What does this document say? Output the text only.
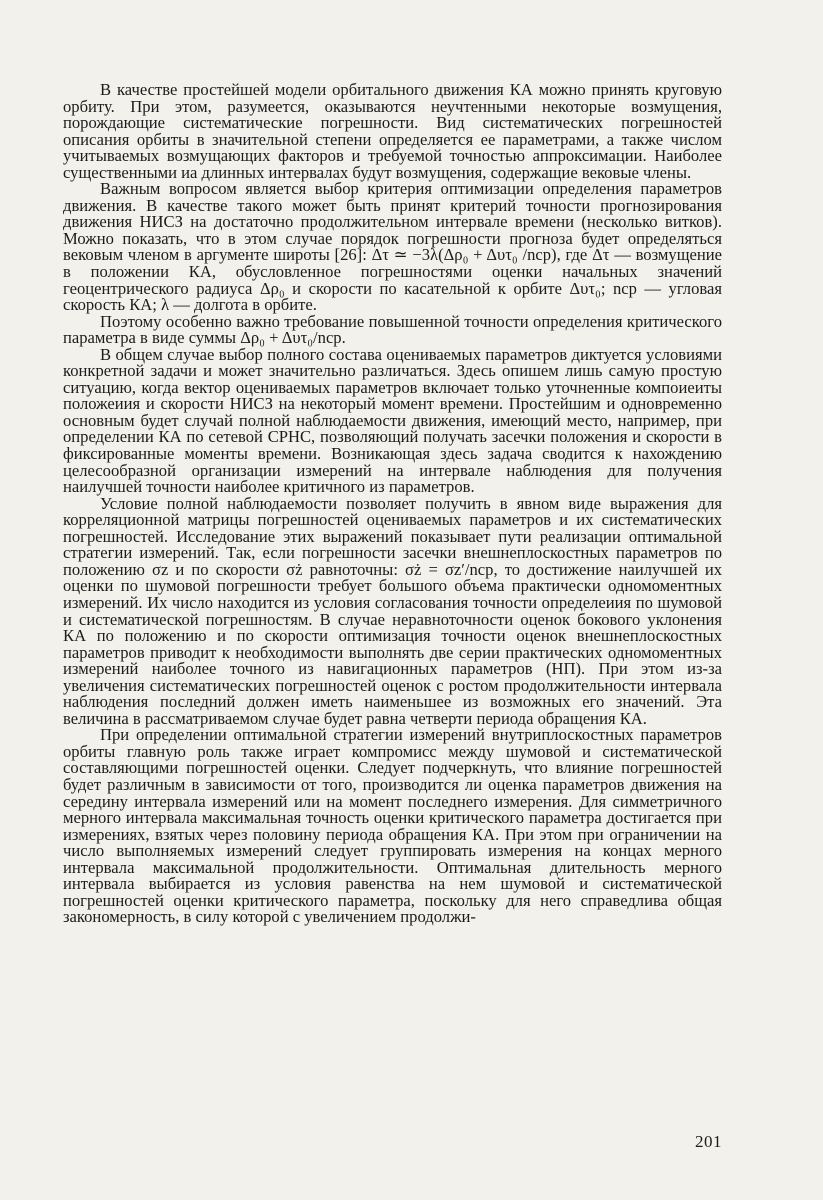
В качестве простейшей модели орбитального движения КА можно принять круговую орбиту. При этом, разумеется, оказываются неучтенными некоторые возмущения, порождающие систематические погрешности. Вид систематических погрешностей описания орбиты в значительной степени определяется ее параметрами, а также числом учитываемых возмущающих факторов и требуемой точностью аппроксимации. Наиболее существенными иа длинных интервалах будут возмущения, содержащие вековые члены.

Важным вопросом является выбор критерия оптимизации определения параметров движения. В качестве такого может быть принят критерий точности прогнозирования движения НИСЗ на достаточно продолжительном интервале времени (несколько витков). Можно показать, что в этом случае порядок погрешности прогноза будет определяться вековым членом в аргументе широты [26]: Δτ ≃ −3λ(Δρ₀ + Δυτ₀ /nср), где Δτ — возмущение в положении КА, обусловленное погрешностями оценки начальных значений геоцентрического радиуса Δρ₀ и скорости по касательной к орбите Δυτ₀; nср — угловая скорость КА; λ — долгота в орбите.

Поэтому особенно важно требование повышенной точности определения критического параметра в виде суммы Δρ₀ + Δυτ₀/nср.

В общем случае выбор полного состава оцениваемых параметров диктуется условиями конкретной задачи и может значительно различаться. Здесь опишем лишь самую простую ситуацию, когда вектор оцениваемых параметров включает только уточненные компоиеиты положеиия и скорости НИСЗ на некоторый момент времени. Простейшим и одновременно основным будет случай полной наблюдаемости движения, имеющий место, например, при определении КА по сетевой СРНС, позволяющий получать засечки положения и скорости в фиксированные моменты времени. Возникающая здесь задача сводится к нахождению целесообразной организации измерений на интервале наблюдения для получения наилучшей точности наиболее критичного из параметров.

Условие полной наблюдаемости позволяет получить в явном виде выражения для корреляционной матрицы погрешностей оцениваемых параметров и их систематических погрешностей. Исследование этих выражений показывает пути реализации оптимальной стратегии измерений. Так, если погрешности засечки внешнеплоскостных параметров по положению σz и по скорости σż равноточны: σż = σz′/nср, то достижение наилучшей их оценки по шумовой погрешности требует большого объема практически одномоментных измерений. Их число находится из условия согласования точности определеиия по шумовой и систематической погрешностям. В случае неравноточности оценок бокового уклонения КА по положению и по скорости оптимизация точности оценок внешнеплоскостных параметров приводит к необходимости выполнять две серии практических одномоментных измерений наиболее точного из навигационных параметров (НП). При этом из-за увеличения систематических погрешностей оценок с ростом продолжительности интервала наблюдения последний должен иметь наименьшее из возможных его значений. Эта величина в рассматриваемом случае будет равна четверти периода обращения КА.

При определении оптимальной стратегии измерений внутриплоскостных параметров орбиты главную роль также играет компромисс между шумовой и систематической составляющими погрешностей оценки. Следует подчеркнуть, что влияние погрешностей будет различным в зависимости от того, производится ли оценка параметров движения на середину интервала измерений или на момент последнего измерения. Для симметричного мерного интервала максимальная точность оценки критического параметра достигается при измерениях, взятых через половину периода обращения КА. При этом при ограничении на число выполняемых измерений следует группировать измерения на концах мерного интервала максимальной продолжительности. Оптимальная длительность мерного интервала выбирается из условия равенства на нем шумовой и систематической погрешностей оценки критического параметра, поскольку для него справедлива общая закономерность, в силу которой с увеличением продолжи-

201
